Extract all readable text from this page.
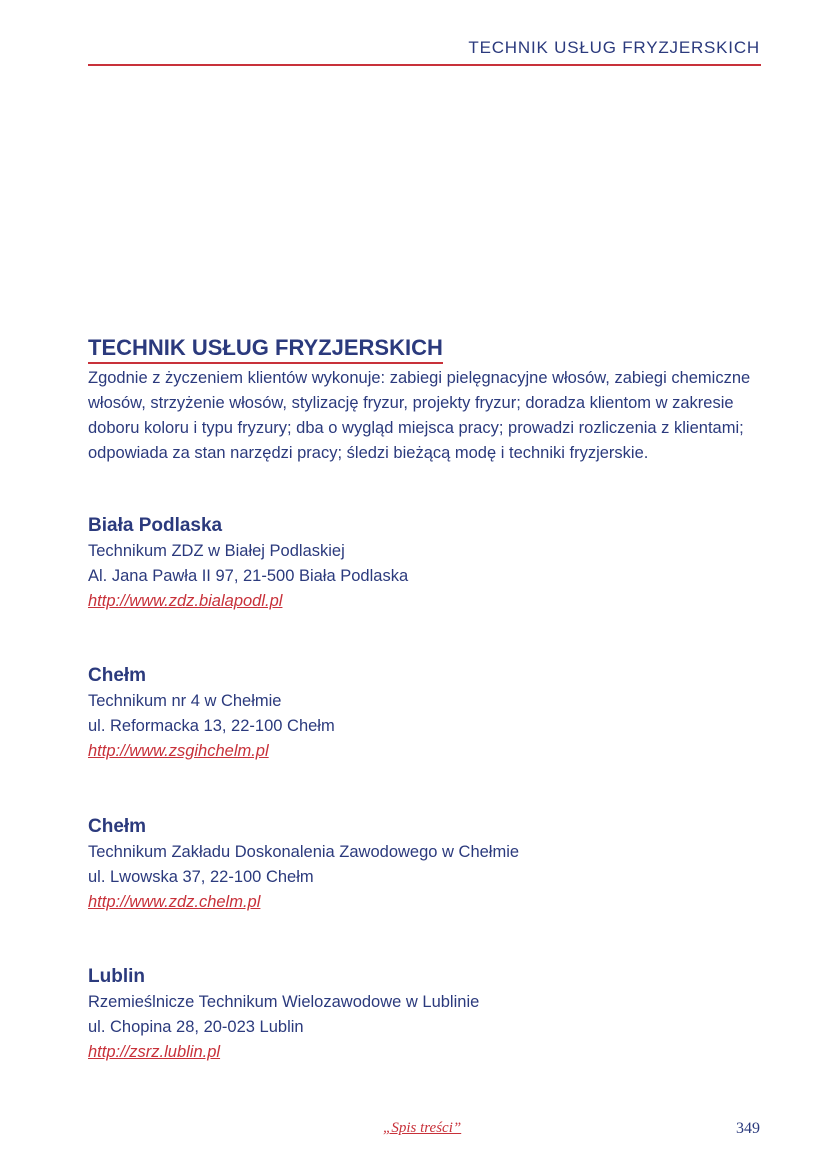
TECHNIK USŁUG FRYZJERSKICH
TECHNIK USŁUG FRYZJERSKICH
Zgodnie z życzeniem klientów wykonuje: zabiegi pielęgnacyjne włosów, zabiegi chemiczne włosów, strzyżenie włosów, stylizację fryzur, projekty fryzur; doradza klientom w zakresie doboru koloru i typu fryzury; dba o wygląd miejsca pracy; prowadzi rozliczenia z klientami; odpowiada za stan narzędzi pracy; śledzi bieżącą modę i techniki fryzjerskie.
Biała Podlaska
Technikum ZDZ w Białej Podlaskiej
Al. Jana Pawła II 97, 21-500 Biała Podlaska
http://www.zdz.bialapodl.pl
Chełm
Technikum nr 4 w Chełmie
ul. Reformacka 13, 22-100 Chełm
http://www.zsgihchelm.pl
Chełm
Technikum Zakładu Doskonalenia Zawodowego w Chełmie
ul. Lwowska 37, 22-100 Chełm
http://www.zdz.chelm.pl
Lublin
Rzemieślnicze Technikum Wielozawodowe w Lublinie
ul. Chopina 28, 20-023 Lublin
http://zsrz.lublin.pl
„Spis treści”	349
